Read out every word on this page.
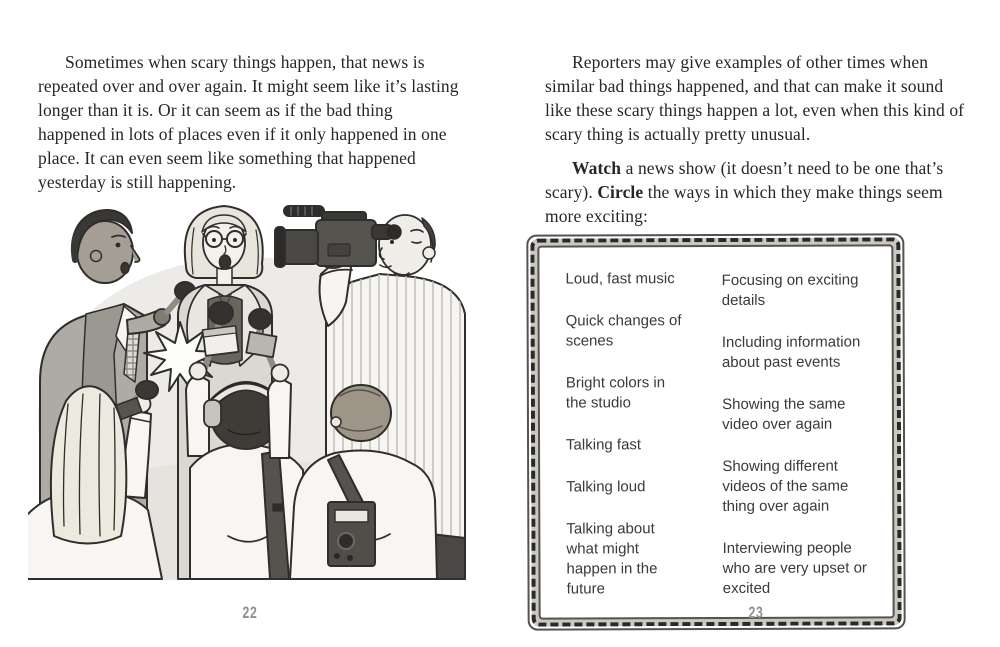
Sometimes when scary things happen, that news is repeated over and over again. It might seem like it’s lasting longer than it is. Or it can seem as if the bad thing happened in lots of places even if it only happened in one place. It can even seem like something that happened yesterday is still happening.

22

Reporters may give examples of other times when similar bad things happened, and that can make it sound like these scary things happen a lot, even when this kind of scary thing is actually pretty unusual.

Watch a news show (it doesn’t need to be one that’s scary). Circle the ways in which they make things seem more exciting:

Loud, fast music

Quick changes of scenes

Bright colors in the studio

Talking fast

Talking loud

Talking about what might happen in the future

Focusing on exciting details

Including information about past events

Showing the same video over again

Showing different videos of the same thing over again

Interviewing people who are very upset or excited

23
